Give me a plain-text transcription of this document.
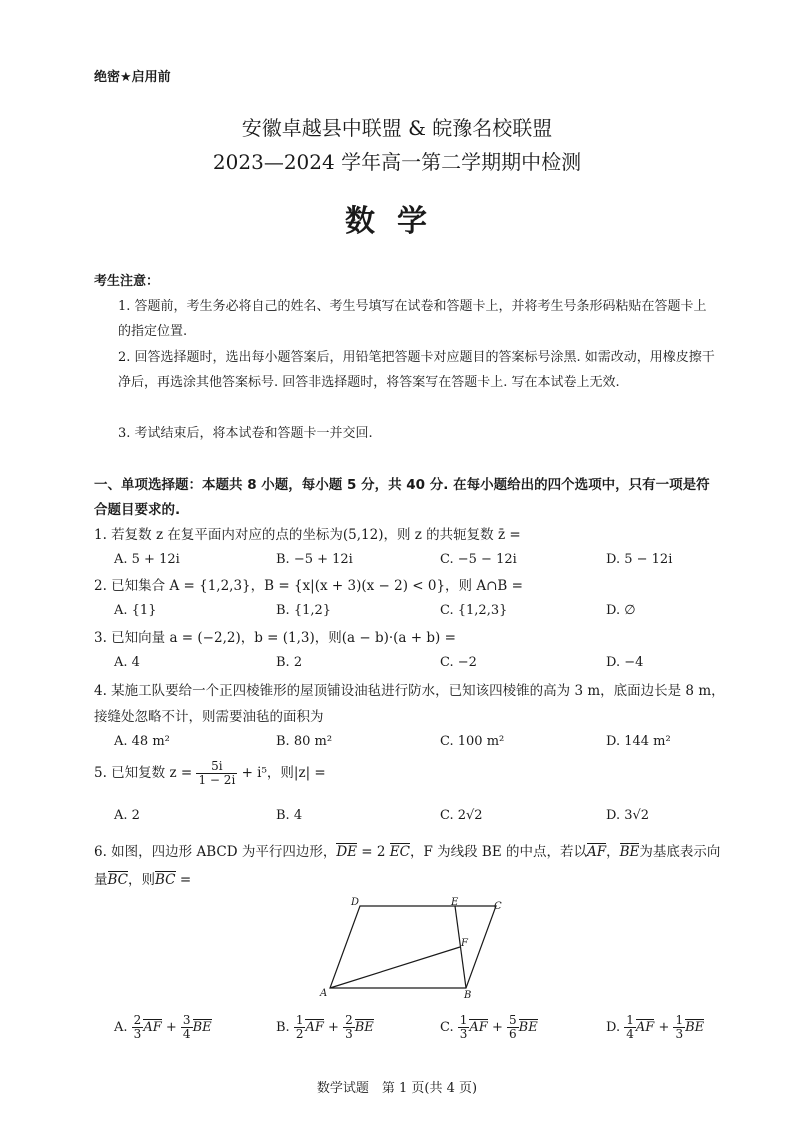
绝密★启用前
安徽卓越县中联盟 & 皖豫名校联盟
2023—2024 学年高一第二学期期中检测
数学
考生注意：
1. 答题前，考生务必将自己的姓名、考生号填写在试卷和答题卡上，并将考生号条形码粘贴在答题卡上的指定位置.
2. 回答选择题时，选出每小题答案后，用铅笔把答题卡对应题目的答案标号涂黑. 如需改动，用橡皮擦干净后，再选涂其他答案标号. 回答非选择题时，将答案写在答题卡上. 写在本试卷上无效.
3. 考试结束后，将本试卷和答题卡一并交回.
一、单项选择题：本题共 8 小题，每小题 5 分，共 40 分. 在每小题给出的四个选项中，只有一项是符合题目要求的.
1. 若复数 z 在复平面内对应的点的坐标为(5,12)，则 z 的共轭复数 z̄ =
A. 5 + 12i	B. −5 + 12i	C. −5 − 12i	D. 5 − 12i
2. 已知集合 A = {1,2,3}，B = {x|(x + 3)(x − 2) < 0}，则 A∩B =
A. {1}	B. {1,2}	C. {1,2,3}	D. ∅
3. 已知向量 a = (−2,2)，b = (1,3)，则(a − b)·(a + b) =
A. 4	B. 2	C. −2	D. −4
4. 某施工队要给一个正四棱锥形的屋顶铺设油毡进行防水，已知该四棱锥的高为 3 m，底面边长是 8 m，接缝处忽略不计，则需要油毡的面积为
A. 48 m²	B. 80 m²	C. 100 m²	D. 144 m²
5. 已知复数 $z = \frac{5i}{1 - 2i} + i^5$，则|z| =
A. 2	B. 4	C. 2√2	D. 3√2
6. 如图，四边形 ABCD 为平行四边形，DE = 2 EC，F 为线段 BE 的中点，若以AF，BE为基底表示向量BC，则BC =
D	E	C
F
A	B
A. $\frac{2}{3}$ AF + $\frac{3}{4}$ BE	B. $\frac{1}{2}$ AF + $\frac{2}{3}$ BE	C. $\frac{1}{3}$ AF + $\frac{5}{6}$ BE	D. $\frac{1}{4}$ AF + $\frac{1}{3}$ BE
数学试题　第 1 页(共 4 页)
